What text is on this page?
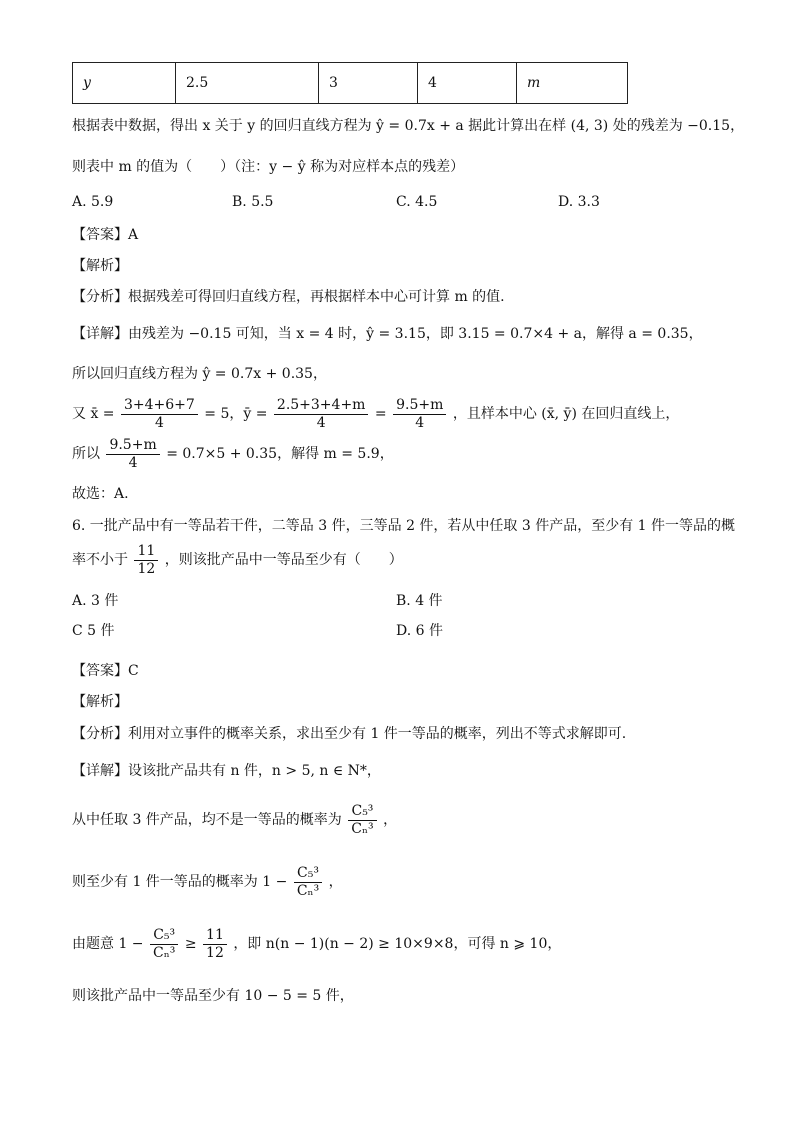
y	2.5	3	4	m
根据表中数据，得出 x 关于 y 的回归直线方程为 ŷ = 0.7x + a 据此计算出在样 (4, 3) 处的残差为 −0.15，
则表中 m 的值为（　　）（注：y − ŷ 称为对应样本点的残差）
A. 5.9	B. 5.5	C. 4.5	D. 3.3
【答案】A
【解析】
【分析】根据残差可得回归直线方程，再根据样本中心可计算 m 的值.
【详解】由残差为 −0.15 可知，当 x = 4 时，ŷ = 3.15，即 3.15 = 0.7×4 + a，解得 a = 0.35，
所以回归直线方程为 ŷ = 0.7x + 0.35，
又 x̄ = $\frac{3+4+6+7}{4} = 5$，ȳ = $\frac{2.5+3+4+m}{4} = \frac{9.5+m}{4}$ ，且样本中心 (x̄, ȳ) 在回归直线上，
所以 $\frac{9.5+m}{4} = 0.7\times 5 + 0.35$，解得 m = 5.9，
故选：A.
6. 一批产品中有一等品若干件，二等品 3 件，三等品 2 件，若从中任取 3 件产品，至少有 1 件一等品的概
率不小于 $\frac{11}{12}$ ，则该批产品中一等品至少有（　　）
A. 3 件	B. 4 件
C 5 件	D. 6 件
【答案】C
【解析】
【分析】利用对立事件的概率关系，求出至少有 1 件一等品的概率，列出不等式求解即可.
【详解】设该批产品共有 n 件，n > 5, n ∈ N*，
从中任取 3 件产品，均不是一等品的概率为 $\frac{\text{C₅³}}{\text{Cₙ³}}$ ，
则至少有 1 件一等品的概率为 $1 - \frac{\text{C₅³}}{\text{Cₙ³}}$ ，
由题意 $1 - \frac{\text{C₅³}}{\text{Cₙ³}} \ge \frac{11}{12}$ ，即 n(n − 1)(n − 2) ≥ 10×9×8，可得 n ⩾ 10，
则该批产品中一等品至少有 10 − 5 = 5 件，
